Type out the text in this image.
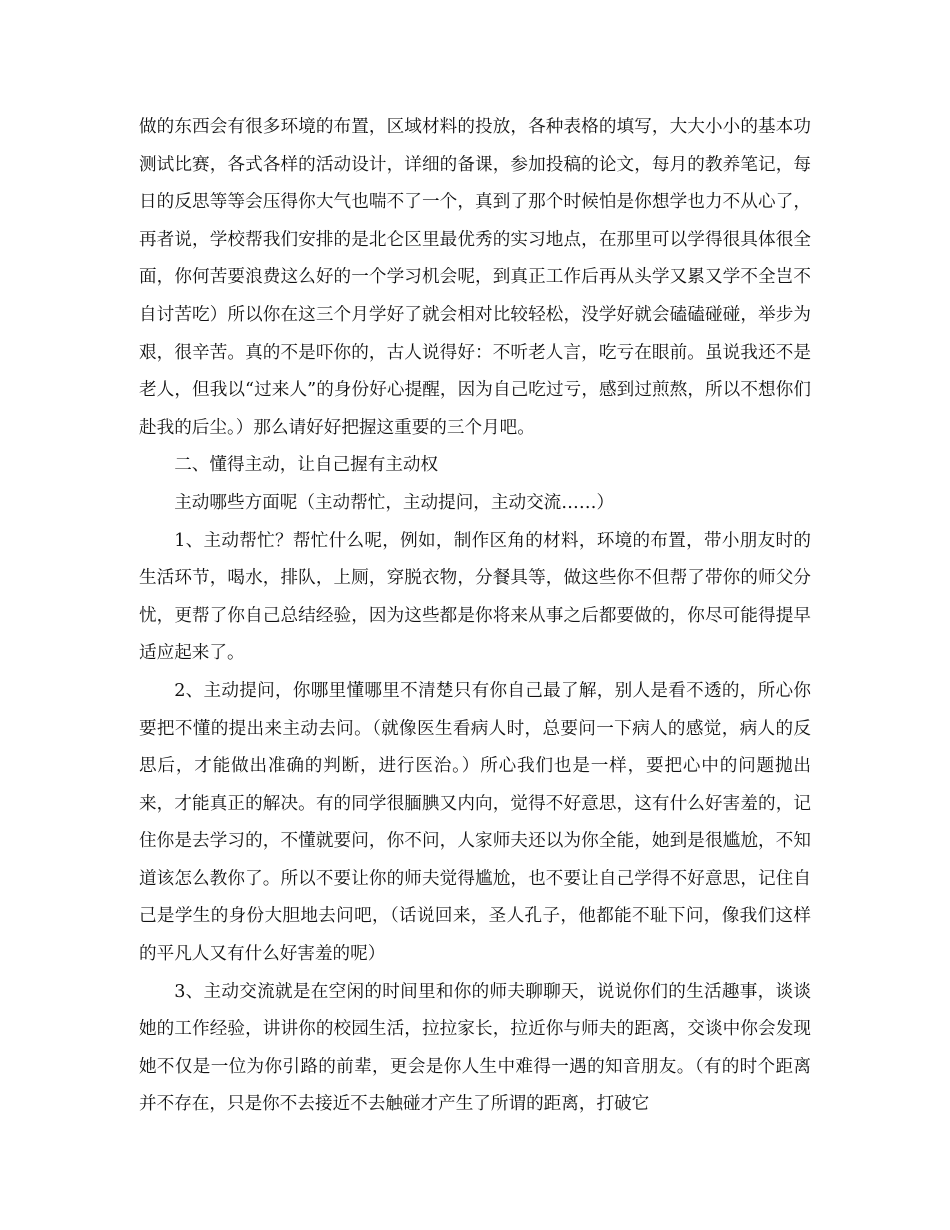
做的东西会有很多环境的布置，区域材料的投放，各种表格的填写，大大小小的基本功测试比赛，各式各样的活动设计，详细的备课，参加投稿的论文，每月的教养笔记，每日的反思等等会压得你大气也喘不了一个，真到了那个时候怕是你想学也力不从心了，再者说，学校帮我们安排的是北仑区里最优秀的实习地点，在那里可以学得很具体很全面，你何苦要浪费这么好的一个学习机会呢，到真正工作后再从头学又累又学不全岂不自讨苦吃）所以你在这三个月学好了就会相对比较轻松，没学好就会磕磕碰碰，举步为艰，很辛苦。真的不是吓你的，古人说得好：不听老人言，吃亏在眼前。虽说我还不是老人，但我以“过来人”的身份好心提醒，因为自己吃过亏，感到过煎熬，所以不想你们赴我的后尘。）那么请好好把握这重要的三个月吧。

二、懂得主动，让自己握有主动权

主动哪些方面呢（主动帮忙，主动提问，主动交流……）

1、主动帮忙？帮忙什么呢，例如，制作区角的材料，环境的布置，带小朋友时的生活环节，喝水，排队，上厕，穿脱衣物，分餐具等，做这些你不但帮了带你的师父分忧，更帮了你自己总结经验，因为这些都是你将来从事之后都要做的，你尽可能得提早适应起来了。

2、主动提问，你哪里懂哪里不清楚只有你自己最了解，别人是看不透的，所心你要把不懂的提出来主动去问。（就像医生看病人时，总要问一下病人的感觉，病人的反思后，才能做出准确的判断，进行医治。）所心我们也是一样，要把心中的问题抛出来，才能真正的解决。有的同学很腼腆又内向，觉得不好意思，这有什么好害羞的，记住你是去学习的，不懂就要问，你不问，人家师夫还以为你全能，她到是很尴尬，不知道该怎么教你了。所以不要让你的师夫觉得尴尬，也不要让自己学得不好意思，记住自己是学生的身份大胆地去问吧，（话说回来，圣人孔子，他都能不耻下问，像我们这样的平凡人又有什么好害羞的呢）

3、主动交流就是在空闲的时间里和你的师夫聊聊天，说说你们的生活趣事，谈谈她的工作经验，讲讲你的校园生活，拉拉家长，拉近你与师夫的距离，交谈中你会发现她不仅是一位为你引路的前辈，更会是你人生中难得一遇的知音朋友。（有的时个距离并不存在，只是你不去接近不去触碰才产生了所谓的距离，打破它
